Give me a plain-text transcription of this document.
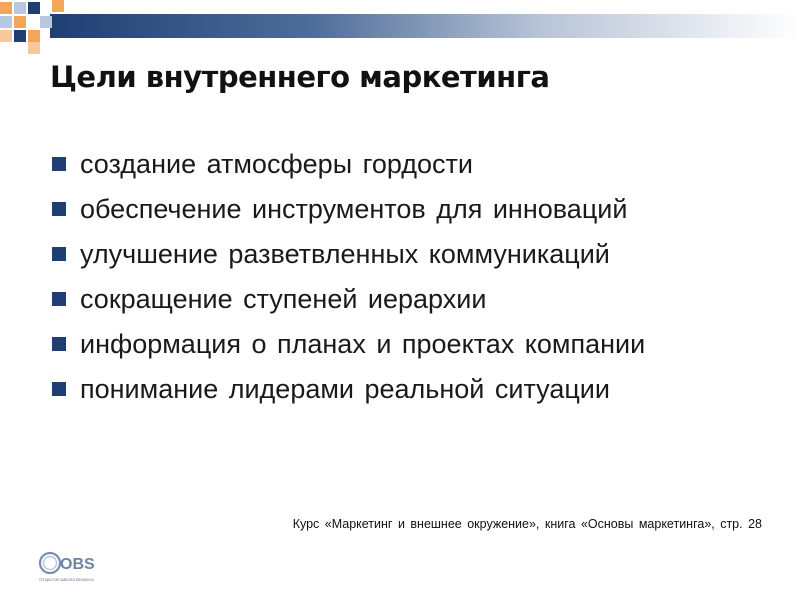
Цели внутреннего маркетинга
создание атмосферы гордости
обеспечение инструментов для инноваций
улучшение разветвленных коммуникаций
сокращение ступеней иерархии
информация о планах и проектах компании
понимание лидерами реальной ситуации
Курс «Маркетинг и внешнее окружение», книга «Основы маркетинга», стр. 28
OBS
Открытая Школа Бизнеса
